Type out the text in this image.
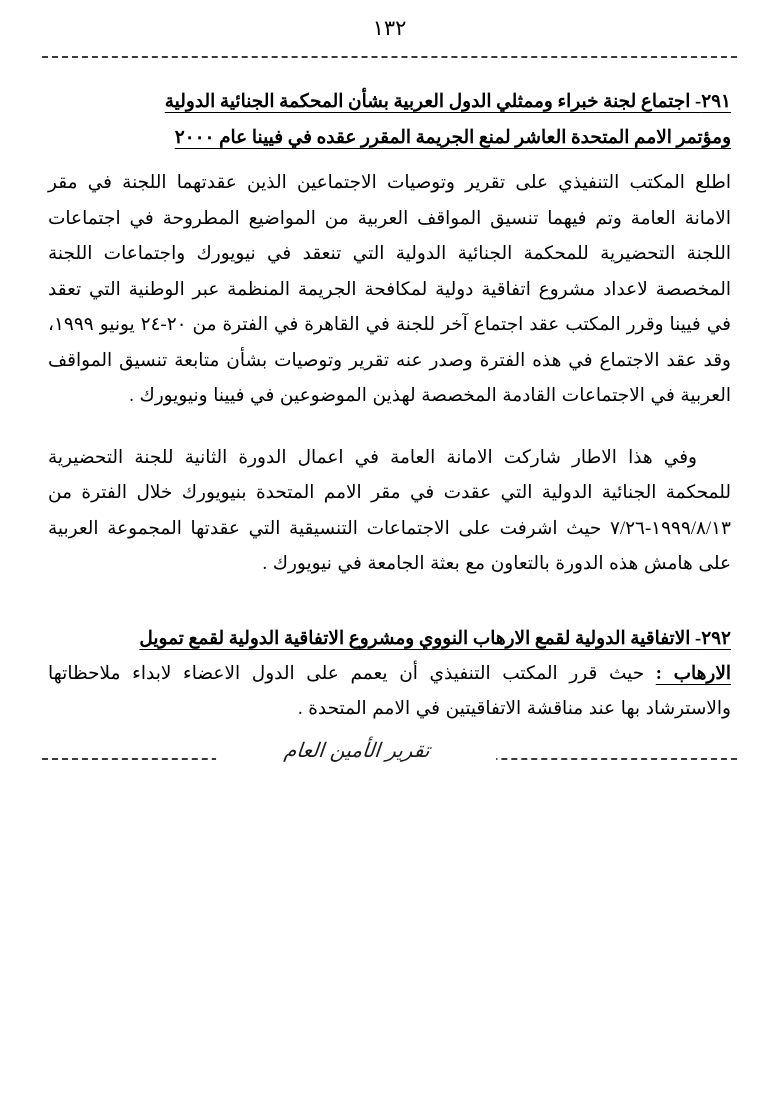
١٣٢
٢٩١- اجتماع لجنة خبراء وممثلي الدول العربية بشأن المحكمة الجنائية الدولية
ومؤتمر الامم المتحدة العاشر لمنع الجريمة المقرر عقده في فيينا عام ٢٠٠٠

اطلع المكتب التنفيذي على تقرير وتوصيات الاجتماعين الذين عقدتهما اللجنة في مقر الامانة العامة وتم فيهما تنسيق المواقف العربية من المواضيع المطروحة في اجتماعات اللجنة التحضيرية للمحكمة الجنائية الدولية التي تنعقد في نيويورك واجتماعات اللجنة المخصصة لاعداد مشروع اتفاقية دولية لمكافحة الجريمة المنظمة عبر الوطنية التي تعقد في فيينا وقرر المكتب عقد اجتماع آخر للجنة في القاهرة في الفترة من ٢٠-٢٤ يونيو ١٩٩٩، وقد عقد الاجتماع في هذه الفترة وصدر عنه تقرير وتوصيات بشأن متابعة تنسيق المواقف العربية في الاجتماعات القادمة المخصصة لهذين الموضوعين في فيينا ونيويورك .

وفي هذا الاطار شاركت الامانة العامة في اعمال الدورة الثانية للجنة التحضيرية للمحكمة الجنائية الدولية التي عقدت في مقر الامم المتحدة بنيويورك خلال الفترة من ١٩٩٩/٨/١٣-٧/٢٦ حيث اشرفت على الاجتماعات التنسيقية التي عقدتها المجموعة العربية على هامش هذه الدورة بالتعاون مع بعثة الجامعة في نيويورك .

٢٩٢- الاتفاقية الدولية لقمع الارهاب النووي ومشروع الاتفاقية الدولية لقمع تمويل

الارهاب : حيث قرر المكتب التنفيذي أن يعمم على الدول الاعضاء لابداء ملاحظاتها والاسترشاد بها عند مناقشة الاتفاقيتين في الامم المتحدة .

تقرير الأمين العام
